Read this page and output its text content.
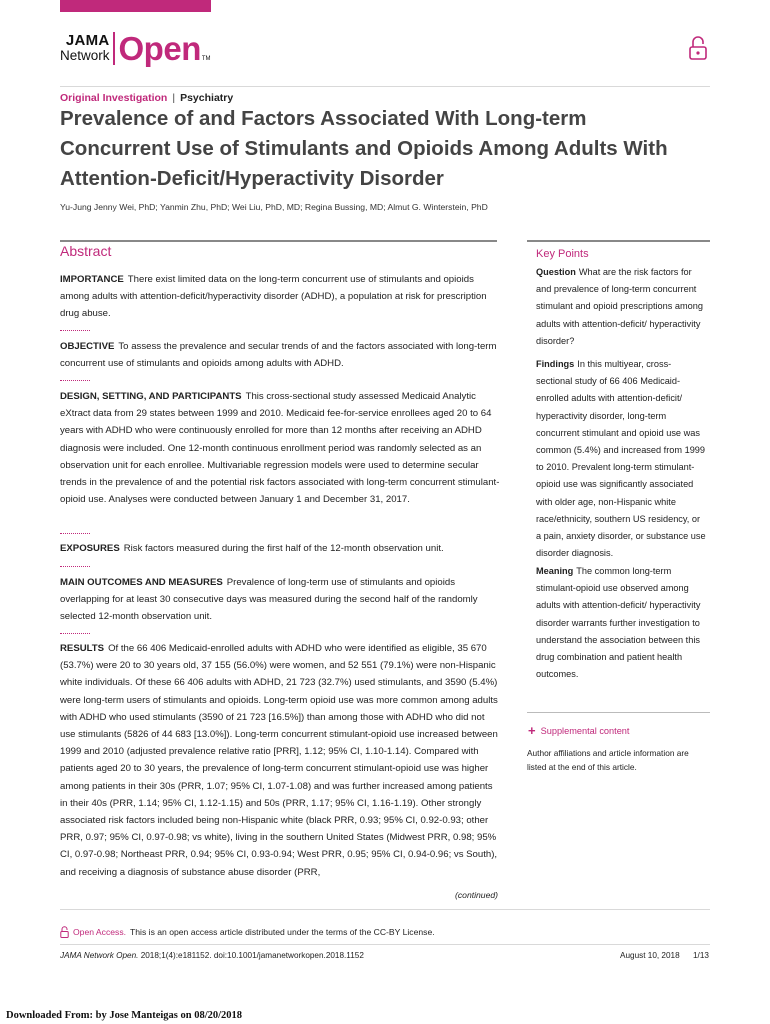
JAMA
Network Open TM
Original Investigation | Psychiatry
Prevalence of and Factors Associated With Long-term Concurrent Use of Stimulants and Opioids Among Adults With Attention-Deficit/Hyperactivity Disorder
Yu-Jung Jenny Wei, PhD; Yanmin Zhu, PhD; Wei Liu, PhD, MD; Regina Bussing, MD; Almut G. Winterstein, PhD
Abstract

IMPORTANCE There exist limited data on the long-term concurrent use of stimulants and opioids among adults with attention-deficit/hyperactivity disorder (ADHD), a population at risk for prescription drug abuse.

OBJECTIVE To assess the prevalence and secular trends of and the factors associated with long-term concurrent use of stimulants and opioids among adults with ADHD.

DESIGN, SETTING, AND PARTICIPANTS This cross-sectional study assessed Medicaid Analytic eXtract data from 29 states between 1999 and 2010. Medicaid fee-for-service enrollees aged 20 to 64 years with ADHD who were continuously enrolled for more than 12 months after receiving an ADHD diagnosis were included. One 12-month continuous enrollment period was randomly selected as an observation unit for each enrollee. Multivariable regression models were used to determine secular trends in the prevalence of and the potential risk factors associated with long-term concurrent stimulant-opioid use. Analyses were conducted between January 1 and December 31, 2017.

EXPOSURES Risk factors measured during the first half of the 12-month observation unit.

MAIN OUTCOMES AND MEASURES Prevalence of long-term use of stimulants and opioids overlapping for at least 30 consecutive days was measured during the second half of the randomly selected 12-month observation unit.

RESULTS Of the 66 406 Medicaid-enrolled adults with ADHD who were identified as eligible, 35 670 (53.7%) were 20 to 30 years old, 37 155 (56.0%) were women, and 52 551 (79.1%) were non-Hispanic white individuals. Of these 66 406 adults with ADHD, 21 723 (32.7%) used stimulants, and 3590 (5.4%) were long-term users of stimulants and opioids. Long-term opioid use was more common among adults with ADHD who used stimulants (3590 of 21 723 [16.5%]) than among those with ADHD who did not use stimulants (5826 of 44 683 [13.0%]). Long-term concurrent stimulant-opioid use increased between 1999 and 2010 (adjusted prevalence relative ratio [PRR], 1.12; 95% CI, 1.10-1.14). Compared with patients aged 20 to 30 years, the prevalence of long-term concurrent stimulant-opioid use was higher among patients in their 30s (PRR, 1.07; 95% CI, 1.07-1.08) and was further increased among patients in their 40s (PRR, 1.14; 95% CI, 1.12-1.15) and 50s (PRR, 1.17; 95% CI, 1.16-1.19). Other strongly associated risk factors included being non-Hispanic white (black PRR, 0.93; 95% CI, 0.92-0.93; other PRR, 0.97; 95% CI, 0.97-0.98; vs white), living in the southern United States (Midwest PRR, 0.98; 95% CI, 0.97-0.98; Northeast PRR, 0.94; 95% CI, 0.93-0.94; West PRR, 0.95; 95% CI, 0.94-0.96; vs South), and receiving a diagnosis of substance abuse disorder (PRR,

(continued)
Key Points

Question What are the risk factors for and prevalence of long-term concurrent stimulant and opioid prescriptions among adults with attention-deficit/ hyperactivity disorder?

Findings In this multiyear, cross-sectional study of 66 406 Medicaid-enrolled adults with attention-deficit/ hyperactivity disorder, long-term concurrent stimulant and opioid use was common (5.4%) and increased from 1999 to 2010. Prevalent long-term stimulant-opioid use was significantly associated with older age, non-Hispanic white race/ethnicity, southern US residency, or a pain, anxiety disorder, or substance use disorder diagnosis.

Meaning The common long-term stimulant-opioid use observed among adults with attention-deficit/ hyperactivity disorder warrants further investigation to understand the association between this drug combination and patient health outcomes.

+ Supplemental content

Author affiliations and article information are listed at the end of this article.

Open Access. This is an open access article distributed under the terms of the CC-BY License.
JAMA Network Open. 2018;1(4):e181152. doi:10.1001/jamanetworkopen.2018.1152	August 10, 2018 1/13
Downloaded From: by Jose Manteigas on 08/20/2018
